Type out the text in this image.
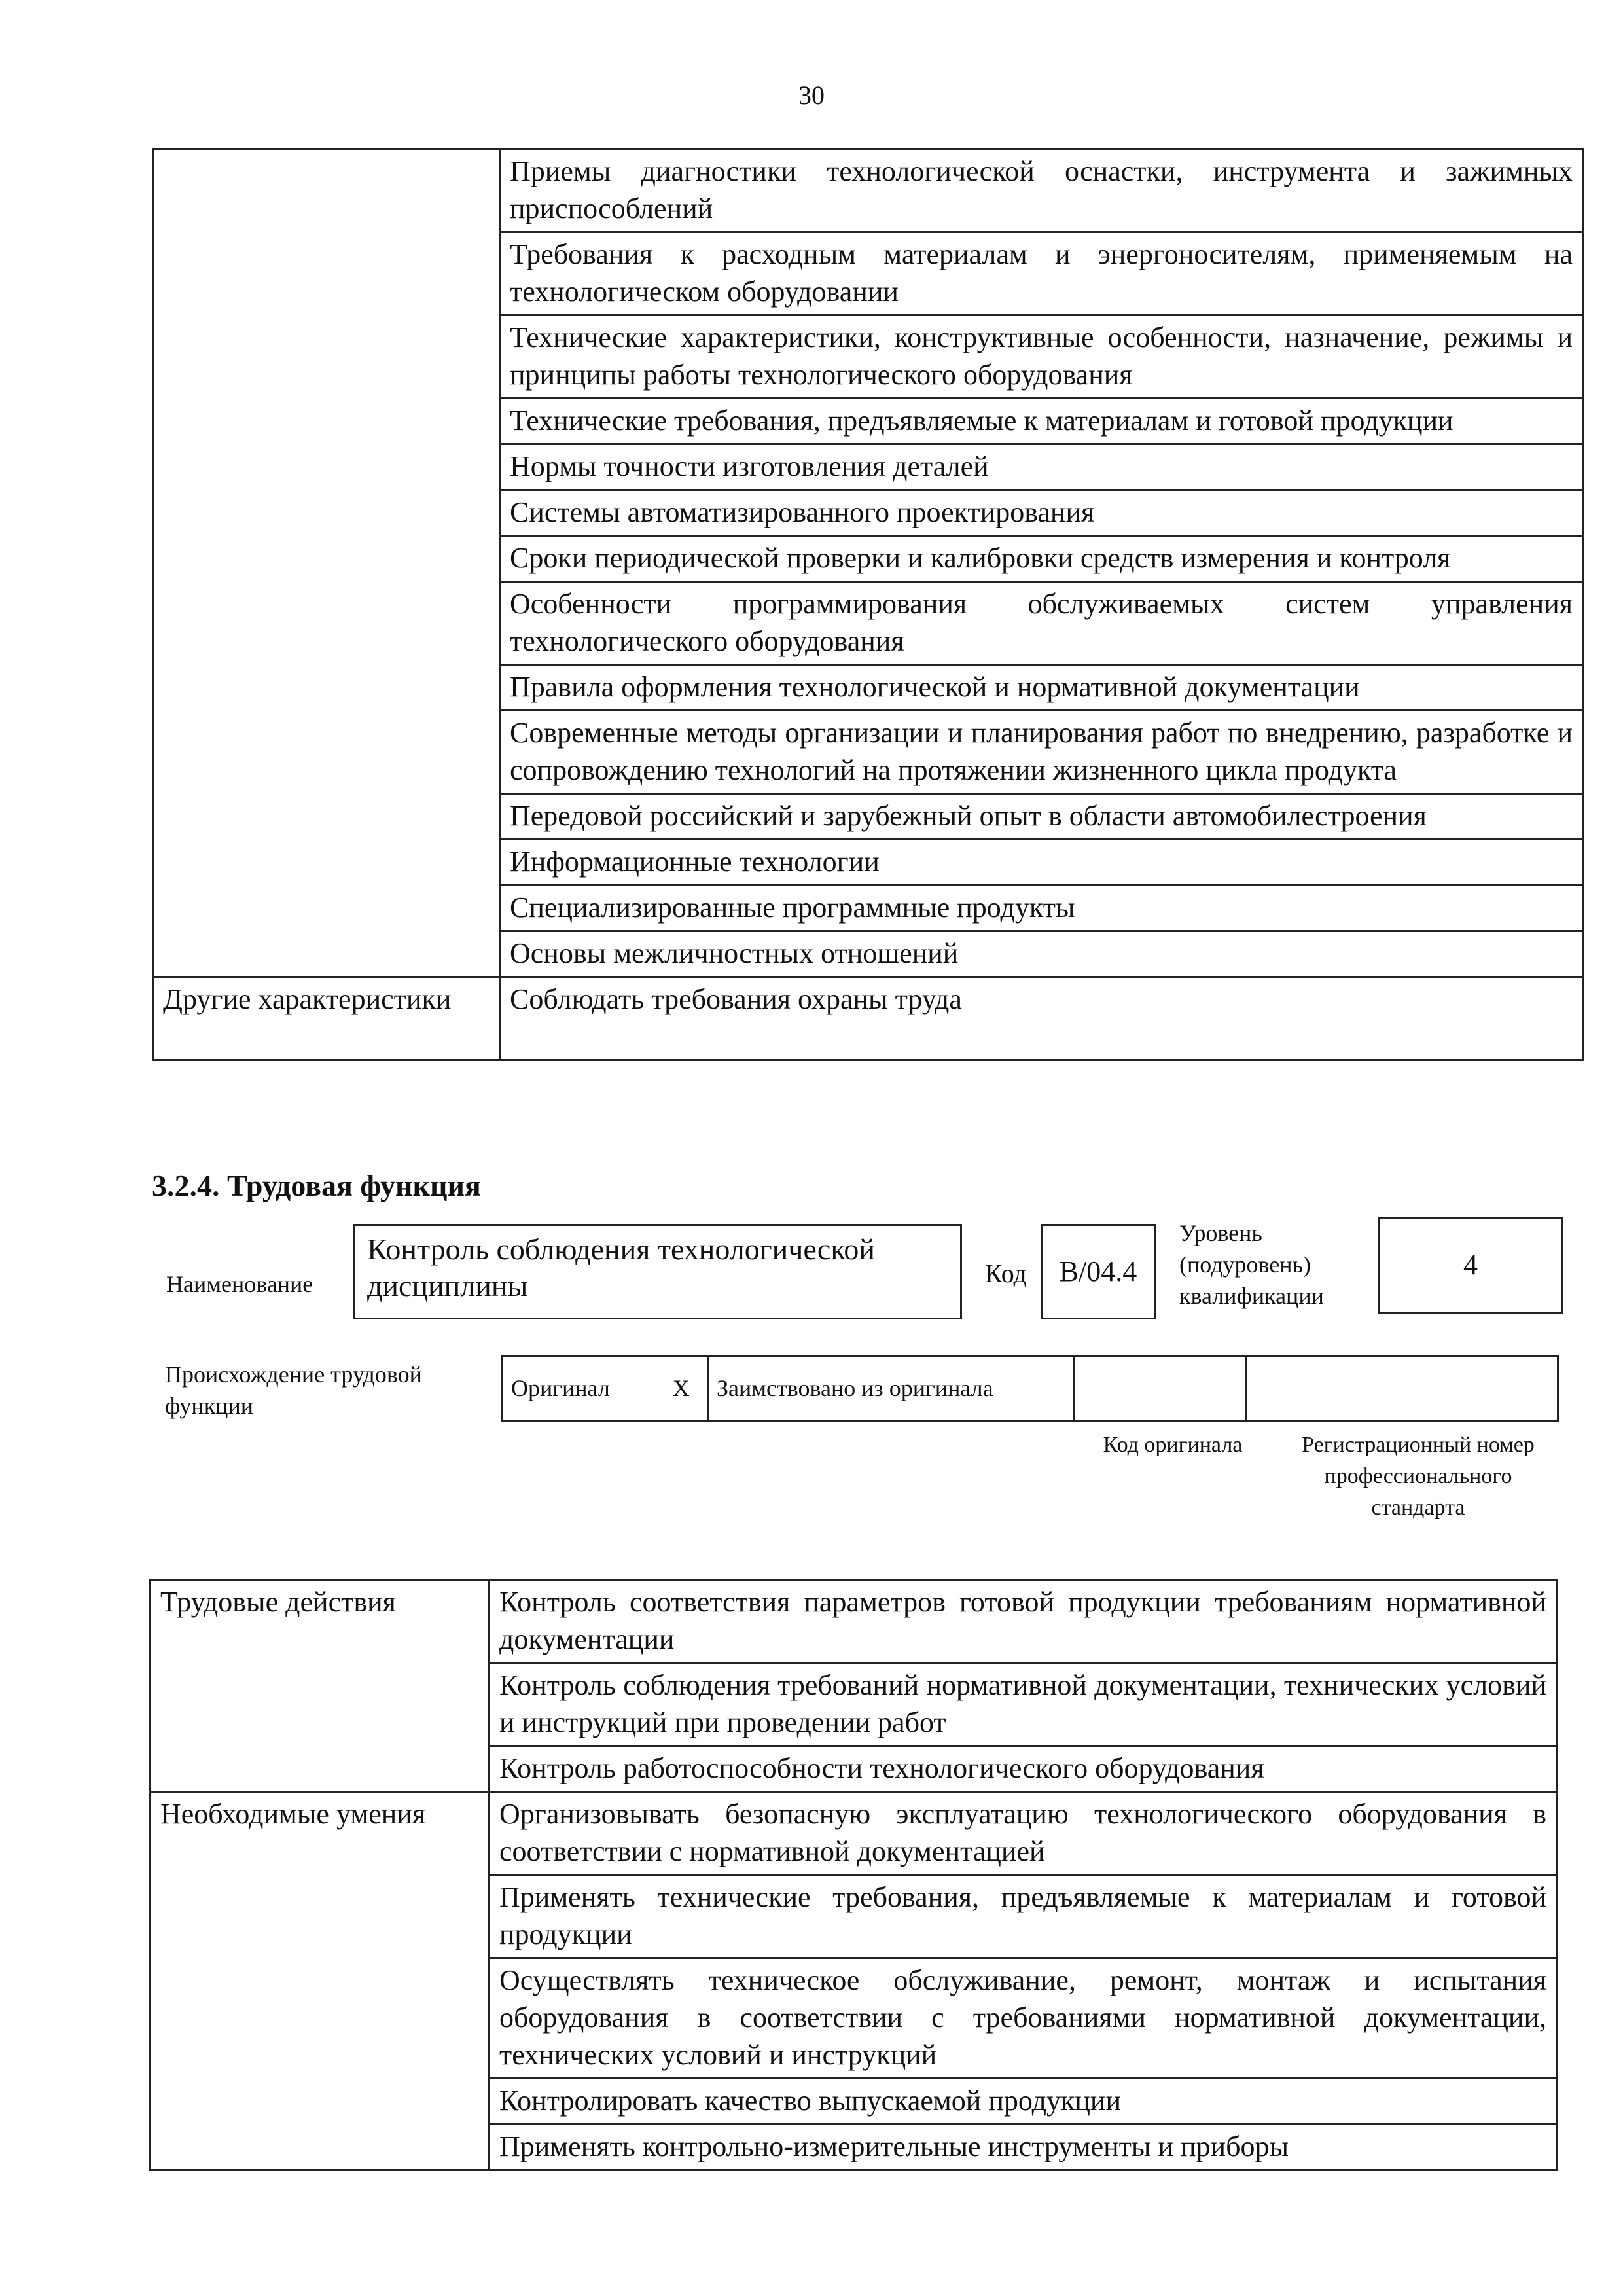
30
	Приемы диагностики технологической оснастки, инструмента и зажимных приспособлений
	Требования к расходным материалам и энергоносителям, применяемым на технологическом оборудовании
	Технические характеристики, конструктивные особенности, назначение, режимы и принципы работы технологического оборудования
	Технические требования, предъявляемые к материалам и готовой продукции
	Нормы точности изготовления деталей
	Системы автоматизированного проектирования
	Сроки периодической проверки и калибровки средств измерения и контроля
	Особенности программирования обслуживаемых систем управления технологического оборудования
	Правила оформления технологической и нормативной документации
	Современные методы организации и планирования работ по внедрению, разработке и сопровождению технологий на протяжении жизненного цикла продукта
	Передовой российский и зарубежный опыт в области автомобилестроения
	Информационные технологии
	Специализированные программные продукты
	Основы межличностных отношений
Другие характеристики	Соблюдать требования охраны труда
3.2.4. Трудовая функция
Наименование
Контроль соблюдения технологической дисциплины	Код	В/04.4
Уровень (подуровень) квалификации
4
Происхождение трудовой функции
Оригинал	X	Заимствовано из оригинала		
Код оригинала	Регистрационный номер профессионального стандарта
Трудовые действия	Контроль соответствия параметров готовой продукции требованиям нормативной документации
	Контроль соблюдения требований нормативной документации, технических условий и инструкций при проведении работ
	Контроль работоспособности технологического оборудования
Необходимые умения	Организовывать безопасную эксплуатацию технологического оборудования в соответствии с нормативной документацией
	Применять технические требования, предъявляемые к материалам и готовой продукции
	Осуществлять техническое обслуживание, ремонт, монтаж и испытания оборудования в соответствии с требованиями нормативной документации, технических условий и инструкций
	Контролировать качество выпускаемой продукции
	Применять контрольно-измерительные инструменты и приборы
